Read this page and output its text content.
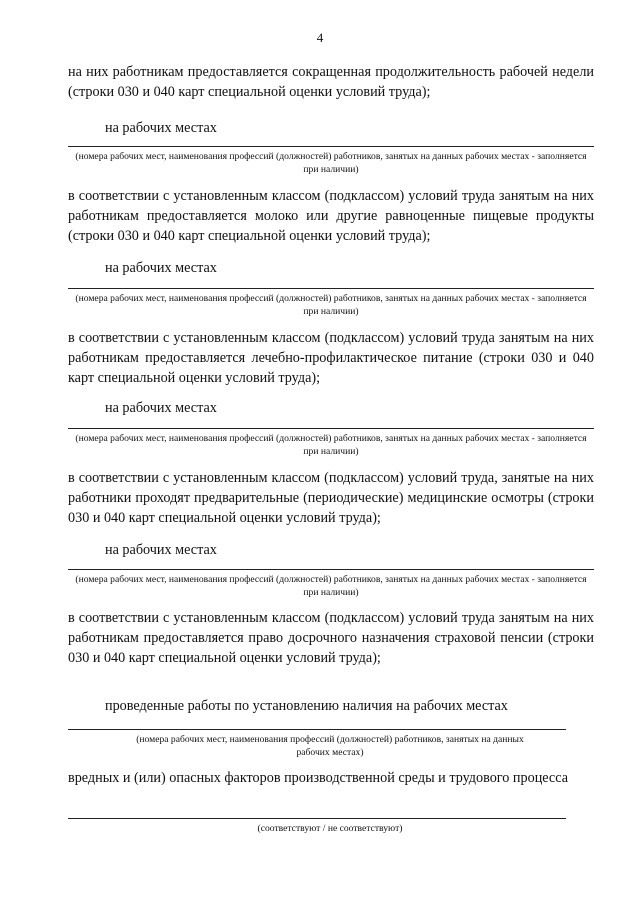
4

на них работникам предоставляется сокращенная продолжительность рабочей недели (строки 030 и 040 карт специальной оценки условий труда);

на рабочих местах

(номера рабочих мест, наименования профессий (должностей) работников, занятых на данных рабочих местах - заполняется при наличии)

в соответствии с установленным классом (подклассом) условий труда занятым на них работникам предоставляется молоко или другие равноценные пищевые продукты (строки 030 и 040 карт специальной оценки условий труда);

на рабочих местах

(номера рабочих мест, наименования профессий (должностей) работников, занятых на данных рабочих местах - заполняется при наличии)

в соответствии с установленным классом (подклассом) условий труда занятым на них работникам предоставляется лечебно-профилактическое питание (строки 030 и 040 карт специальной оценки условий труда);

на рабочих местах

(номера рабочих мест, наименования профессий (должностей) работников, занятых на данных рабочих местах - заполняется при наличии)

в соответствии с установленным классом (подклассом) условий труда, занятые на них работники проходят предварительные (периодические) медицинские осмотры (строки 030 и 040 карт специальной оценки условий труда);

на рабочих местах

(номера рабочих мест, наименования профессий (должностей) работников, занятых на данных рабочих местах - заполняется при наличии)

в соответствии с установленным классом (подклассом) условий труда занятым на них работникам предоставляется право досрочного назначения страховой пенсии (строки 030 и 040 карт специальной оценки условий труда);

проведенные работы по установлению наличия на рабочих местах

(номера рабочих мест, наименования профессий (должностей) работников, занятых на данных рабочих местах)

вредных и (или) опасных факторов производственной среды и трудового процесса

(соответствуют / не соответствуют)
